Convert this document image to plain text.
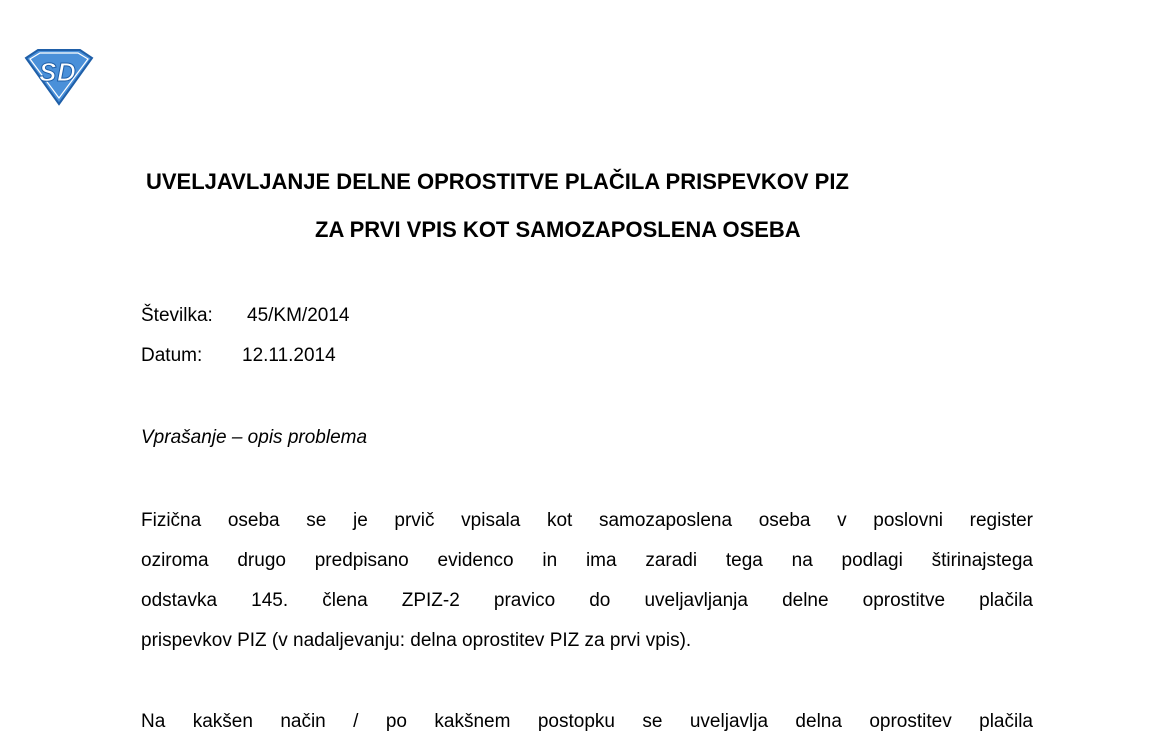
S D
UVELJAVLJANJE DELNE OPROSTITVE PLAČILA PRISPEVKOV PIZ
ZA PRVI VPIS KOT SAMOZAPOSLENA OSEBA
Številka: 45/KM/2014
Datum: 12.11.2014
Vprašanje – opis problema
Fizična oseba se je prvič vpisala kot samozaposlena oseba v poslovni register
oziroma drugo predpisano evidenco in ima zaradi tega na podlagi štirinajstega
odstavka 145. člena ZPIZ-2 pravico do uveljavljanja delne oprostitve plačila
prispevkov PIZ (v nadaljevanju: delna oprostitev PIZ za prvi vpis).
Na kakšen način / po kakšnem postopku se uveljavlja delna oprostitev plačila
